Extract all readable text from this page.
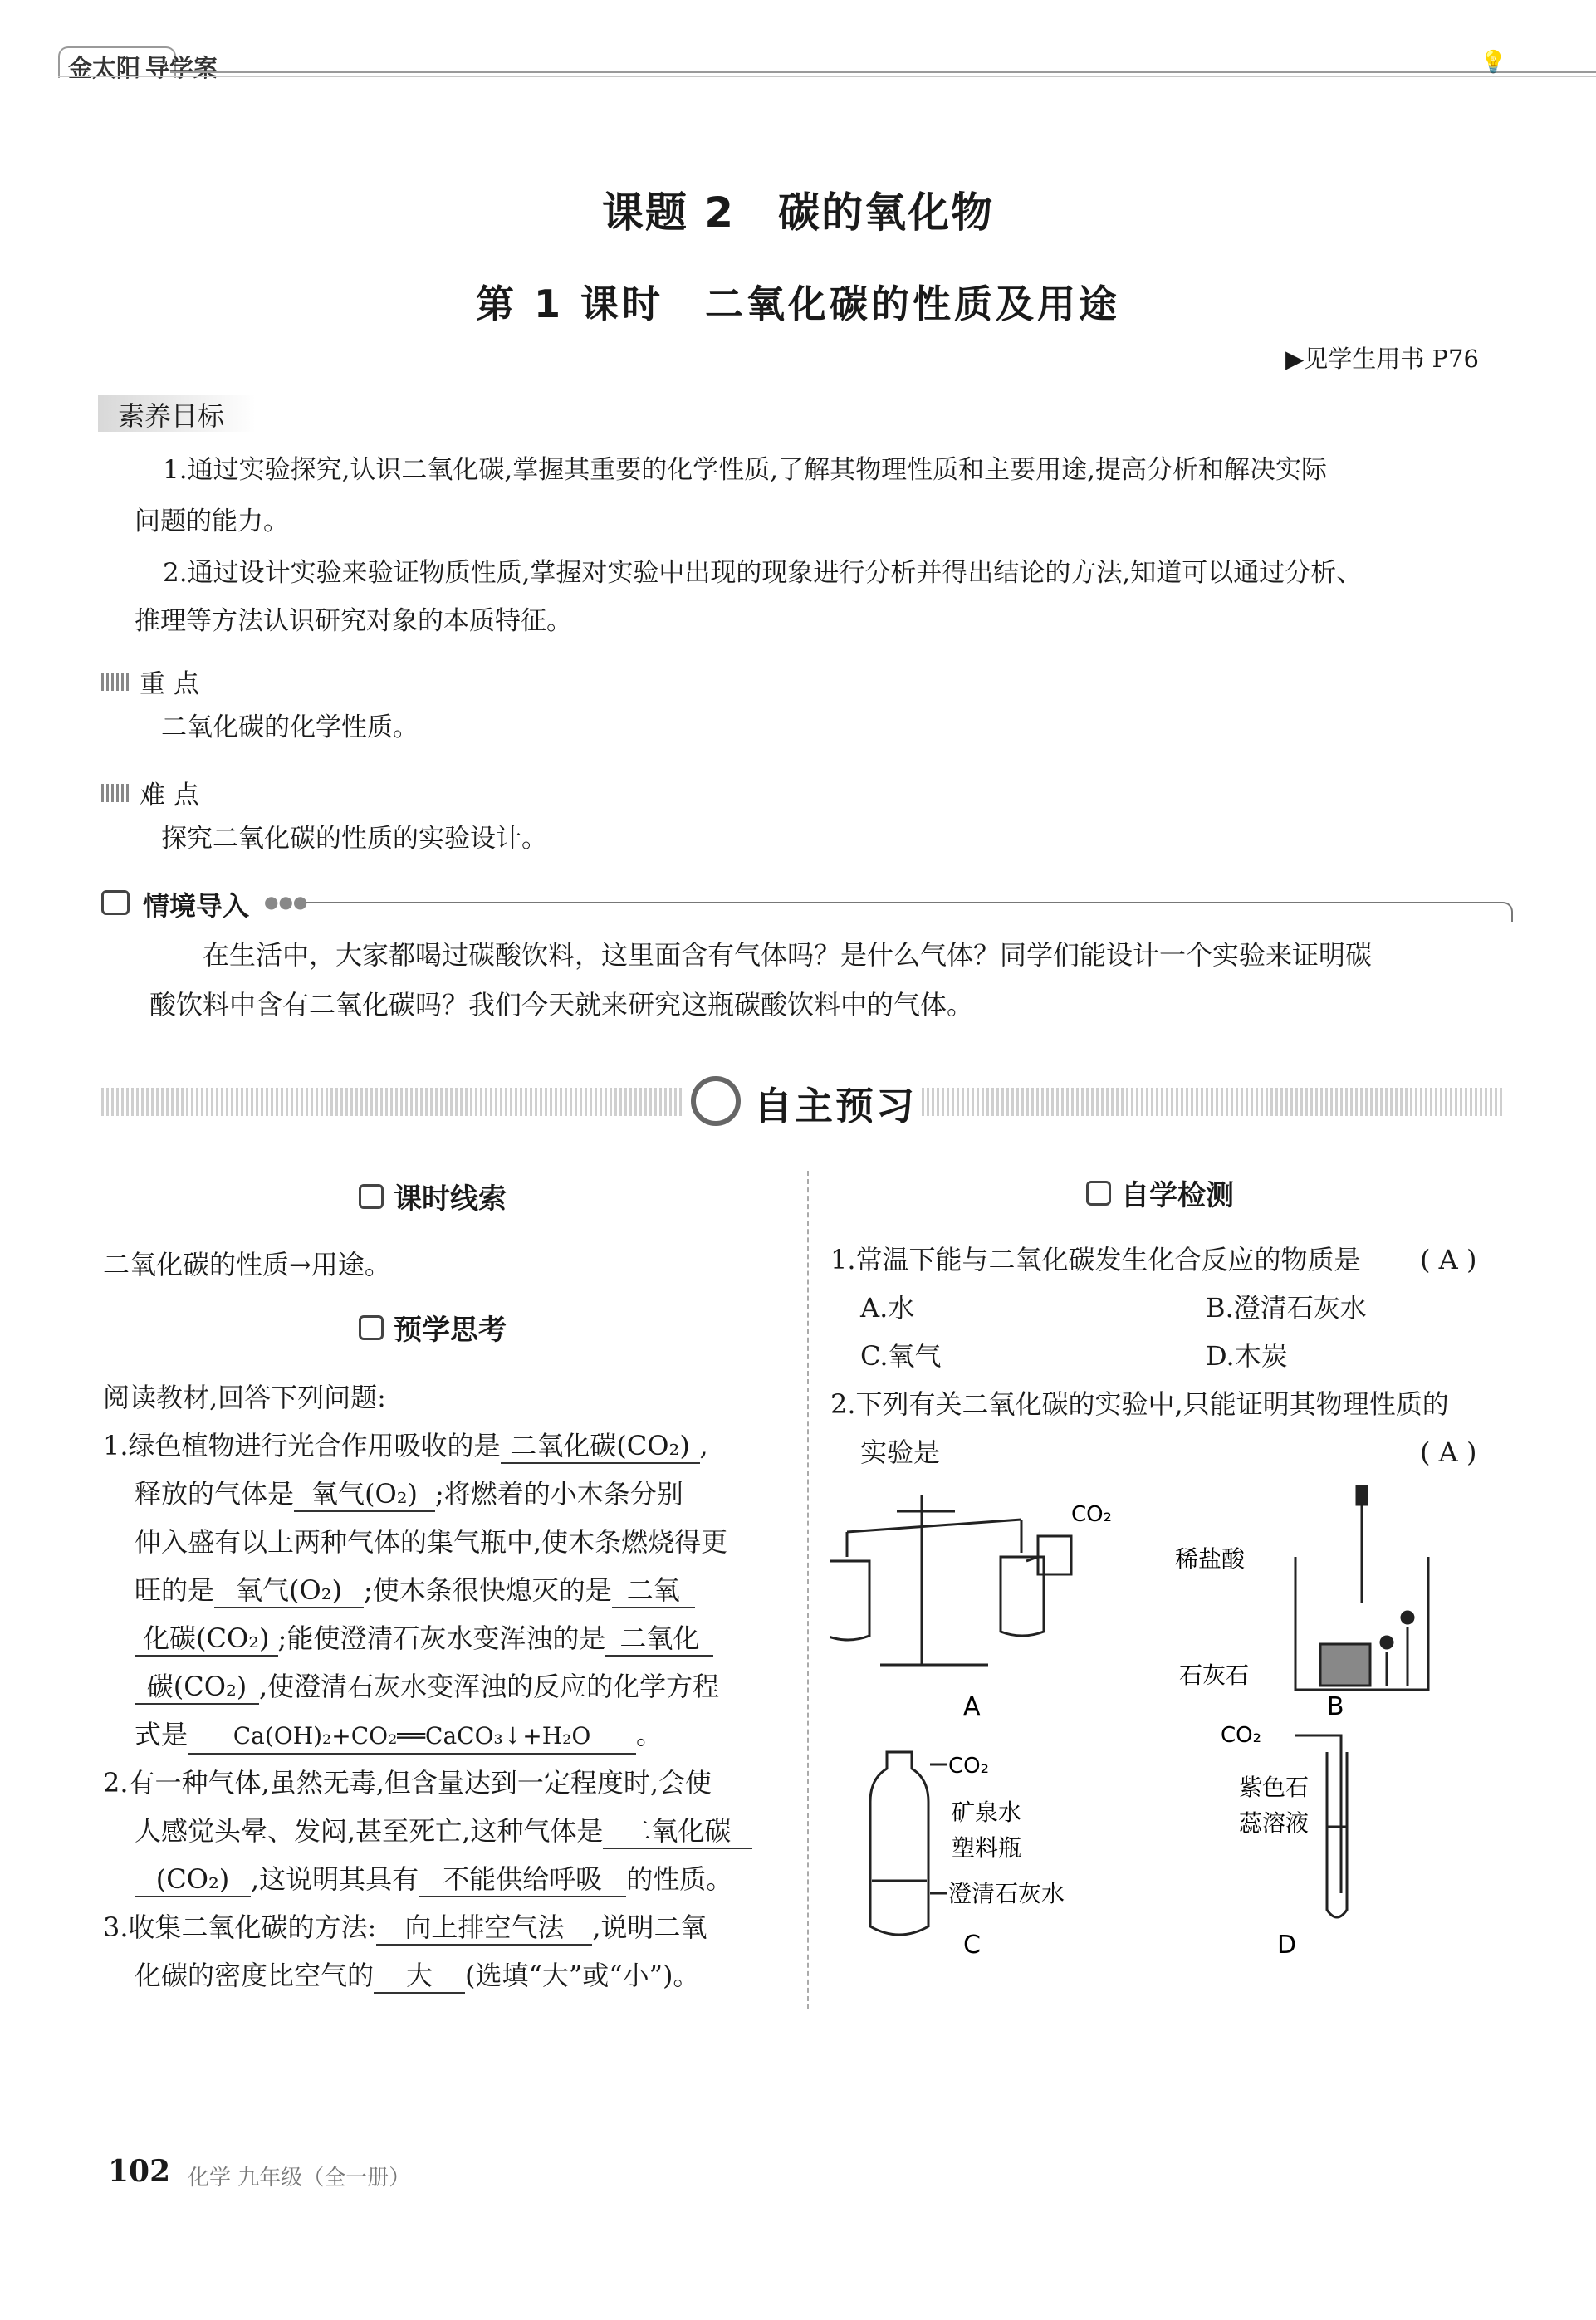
金太阳 导学案	💡
课题 2　碳的氧化物
第 1 课时　二氧化碳的性质及用途
▶见学生用书 P76
素养目标
1.通过实验探究,认识二氧化碳,掌握其重要的化学性质,了解其物理性质和主要用途,提高分析和解决实际
问题的能力。
2.通过设计实验来验证物质性质,掌握对实验中出现的现象进行分析并得出结论的方法,知道可以通过分析、
推理等方法认识研究对象的本质特征。
重 点
二氧化碳的化学性质。
难 点
探究二氧化碳的性质的实验设计。
情境导入 ●●●
在生活中，大家都喝过碳酸饮料，这里面含有气体吗？是什么气体？同学们能设计一个实验来证明碳
酸饮料中含有二氧化碳吗？我们今天就来研究这瓶碳酸饮料中的气体。
自主预习
课时线索
二氧化碳的性质→用途。
预学思考
阅读教材,回答下列问题:
1.绿色植物进行光合作用吸收的是 二氧化碳(CO₂) ,
释放的气体是 氧气(O₂) ;将燃着的小木条分别
伸入盛有以上两种气体的集气瓶中,使木条燃烧得更
旺的是 氧气(O₂) ;使木条很快熄灭的是 二氧
化碳(CO₂) ;能使澄清石灰水变浑浊的是 二氧化
碳(CO₂) ,使澄清石灰水变浑浊的反应的化学方程
式是 Ca(OH)₂+CO₂══CaCO₃↓+H₂O 。
2.有一种气体,虽然无毒,但含量达到一定程度时,会使
人感觉头晕、发闷,甚至死亡,这种气体是 二氧化碳
(CO₂) ,这说明其具有 不能供给呼吸 的性质。
3.收集二氧化碳的方法: 向上排空气法 ,说明二氧
化碳的密度比空气的 大 (选填“大”或“小”)。
自学检测
1.常温下能与二氧化碳发生化合反应的物质是 ( A )
A.水	B.澄清石灰水
C.氧气	D.木炭
2.下列有关二氧化碳的实验中,只能证明其物理性质的
实验是	( A )
CO₂
A
稀盐酸
石灰石
B
CO₂
矿泉水
塑料瓶
澄清石灰水
C
CO₂
紫色石
蕊溶液
D
102 化学 九年级（全一册）
